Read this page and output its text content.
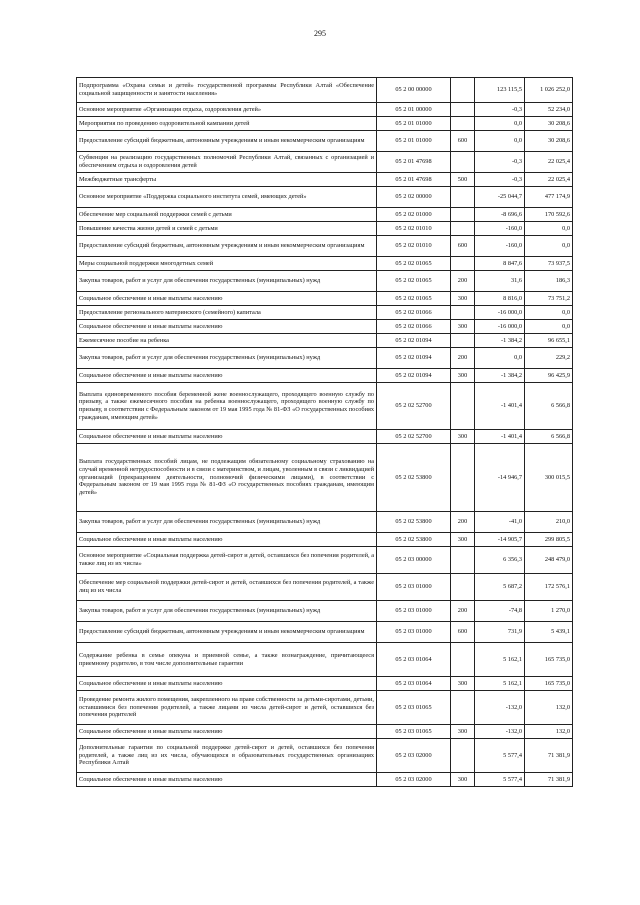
295
Подпрограмма «Охрана семьи и детей» государственной программы Республики Алтай «Обеспечение социальной защищенности и занятости населения»	05 2 00 00000		123 115,5	1 026 252,0
Основное мероприятие «Организация отдыха, оздоровления детей»	05 2 01 00000		-0,3	52 234,0
Мероприятия по проведению оздоровительной кампании детей	05 2 01 01000		0,0	30 208,6
Предоставление субсидий бюджетным, автономным учреждениям и иным некоммерческим организациям	05 2 01 01000	600	0,0	30 208,6
Субвенция на реализацию государственных полномочий Республики Алтай, связанных с организацией и обеспечением отдыха и оздоровления детей	05 2 01 47698		-0,3	22 025,4
Межбюджетные трансферты	05 2 01 47698	500	-0,3	22 025,4
Основное мероприятие «Поддержка социального института семей, имеющих детей»	05 2 02 00000		-25 044,7	477 174,9
Обеспечение мер социальной поддержки семей с детьми	05 2 02 01000		-8 696,6	170 592,6
Повышение качества жизни детей и семей с детьми	05 2 02 01010		-160,0	0,0
Предоставление субсидий бюджетным, автономным учреждениям и иным некоммерческим организациям	05 2 02 01010	600	-160,0	0,0
Меры социальной поддержки многодетных семей	05 2 02 01065		8 847,6	73 937,5
Закупка товаров, работ и услуг для обеспечения государственных (муниципальных) нужд	05 2 02 01065	200	31,6	186,3
Социальное обеспечение и иные выплаты населению	05 2 02 01065	300	8 816,0	73 751,2
Предоставление регионального материнского (семейного) капитала	05 2 02 01066		-16 000,0	0,0
Социальное обеспечение и иные выплаты населению	05 2 02 01066	300	-16 000,0	0,0
Ежемесячное пособие на ребенка	05 2 02 01094		-1 384,2	96 655,1
Закупка товаров, работ и услуг для обеспечения государственных (муниципальных) нужд	05 2 02 01094	200	0,0	229,2
Социальное обеспечение и иные выплаты населению	05 2 02 01094	300	-1 384,2	96 425,9
Выплата единовременного пособия беременной жене военнослужащего, проходящего военную службу по призыву, а также ежемесячного пособия на ребенка военнослужащего, проходящего военную службу по призыву, в соответствии с Федеральным законом от 19 мая 1995 года № 81-ФЗ «О государственных пособиях гражданам, имеющим детей»	05 2 02 52700		-1 401,4	6 566,8
Социальное обеспечение и иные выплаты населению	05 2 02 52700	300	-1 401,4	6 566,8
Выплата государственных пособий лицам, не подлежащим обязательному социальному страхованию на случай временной нетрудоспособности и в связи с материнством, и лицам, уволенным в связи с ликвидацией организаций (прекращением деятельности, полномочий физическими лицами), в соответствии с Федеральным законом от 19 мая 1995 года № 81-ФЗ «О государственных пособиях гражданам, имеющим детей»	05 2 02 53800		-14 946,7	300 015,5
Закупка товаров, работ и услуг для обеспечения государственных (муниципальных) нужд	05 2 02 53800	200	-41,0	210,0
Социальное обеспечение и иные выплаты населению	05 2 02 53800	300	-14 905,7	299 805,5
Основное мероприятие «Социальная поддержка детей-сирот и детей, оставшихся без попечения родителей, а также лиц из их числа»	05 2 03 00000		6 356,3	248 479,0
Обеспечение мер социальной поддержки детей-сирот и детей, оставшихся без попечения родителей, а также лиц из их числа	05 2 03 01000		5 687,2	172 576,1
Закупка товаров, работ и услуг для обеспечения государственных (муниципальных) нужд	05 2 03 01000	200	-74,8	1 270,0
Предоставление субсидий бюджетным, автономным учреждениям и иным некоммерческим организациям	05 2 03 01000	600	731,9	5 439,1
Содержание ребенка в семье опекуна и приемной семье, а также вознаграждение, причитающееся приемному родителю, в том числе дополнительные гарантии	05 2 03 01064		5 162,1	165 735,0
Социальное обеспечение и иные выплаты населению	05 2 03 01064	300	5 162,1	165 735,0
Проведение ремонта жилого помещения, закрепленного на праве собственности за детьми-сиротами, детьми, оставшимися без попечения родителей, а также лицами из числа детей-сирот и детей, оставшихся без попечения родителей	05 2 03 01065		-132,0	132,0
Социальное обеспечение и иные выплаты населению	05 2 03 01065	300	-132,0	132,0
Дополнительные гарантии по социальной поддержке детей-сирот и детей, оставшихся без попечения родителей, а также лиц из их числа, обучающихся в образовательных государственных организациях Республики Алтай	05 2 03 02000		5 577,4	71 381,9
Социальное обеспечение и иные выплаты населению	05 2 03 02000	300	5 577,4	71 381,9
